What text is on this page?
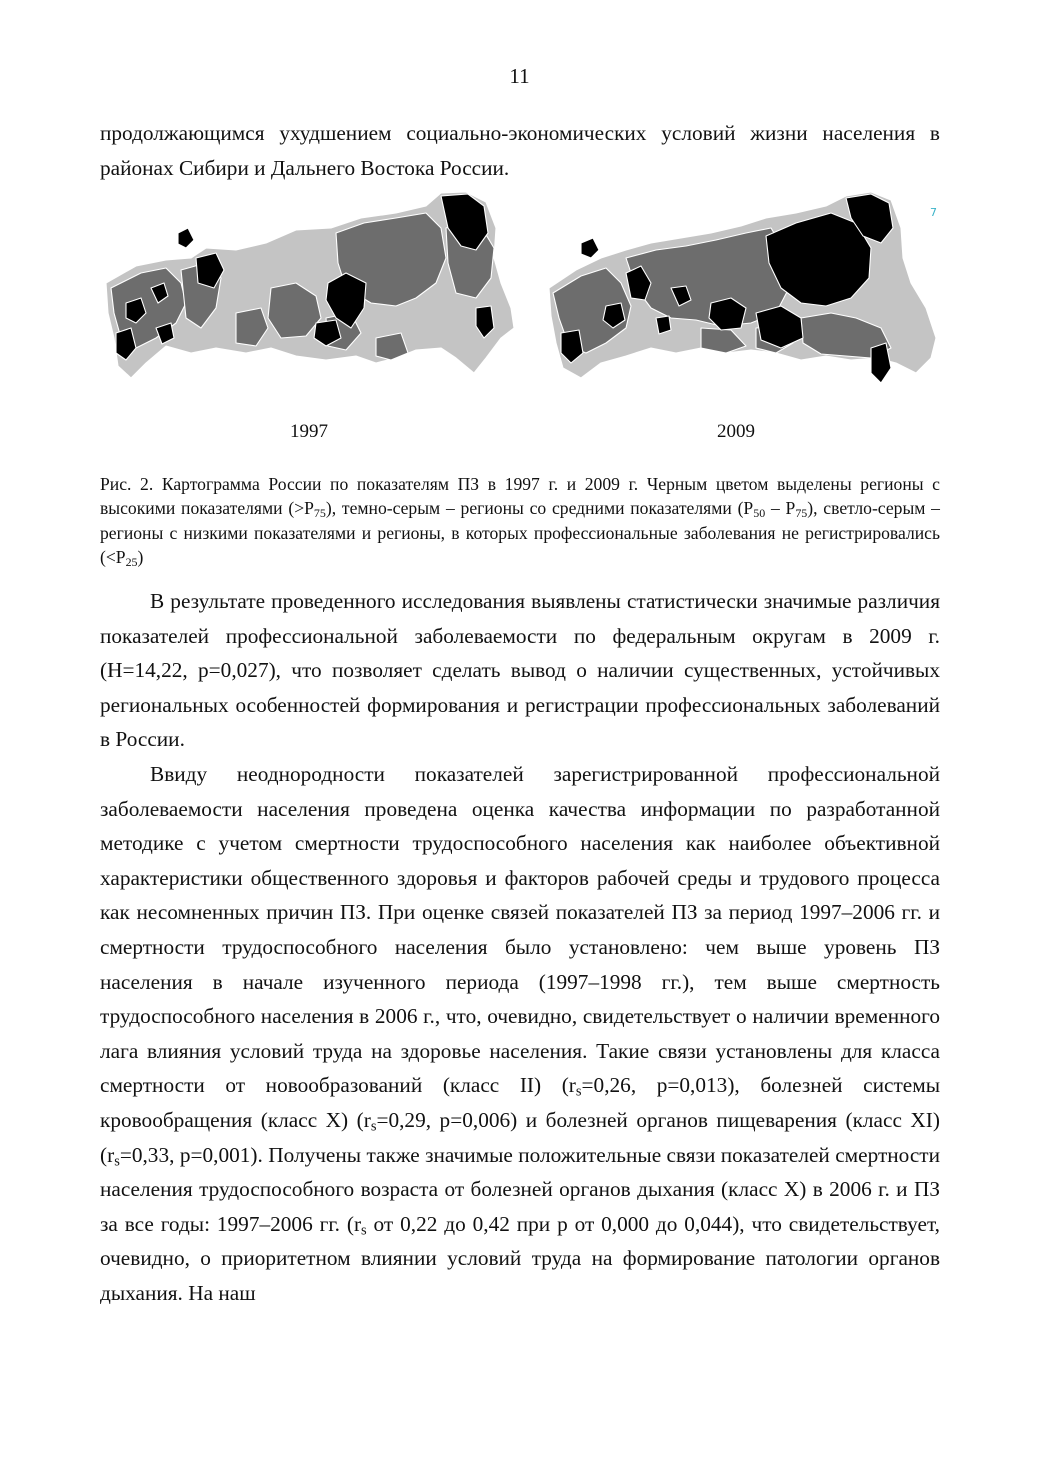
11

продолжающимся ухудшением социально-экономических условий жизни населения в районах Сибири и Дальнего Востока России.

7
1997	2009

Рис. 2. Картограмма России по показателям ПЗ в 1997 г. и 2009 г. Черным цветом выделены регионы с высокими показателями $(>P_{75})$, темно-серым – регионы со средними показателями $(P_{50} - P_{75})$, светло-серым – регионы с низкими показателями и регионы, в которых профессиональные заболевания не регистрировались $(<P_{25})$

В результате проведенного исследования выявлены статистически значимые различия показателей профессиональной заболеваемости по федеральным округам в 2009 г. (H=14,22, p=0,027), что позволяет сделать вывод о наличии существенных, устойчивых региональных особенностей формирования и регистрации профессиональных заболеваний в России.

Ввиду неоднородности показателей зарегистрированной профессиональной заболеваемости населения проведена оценка качества информации по разработанной методике с учетом смертности трудоспособного населения как наиболее объективной характеристики общественного здоровья и факторов рабочей среды и трудового процесса как несомненных причин ПЗ. При оценке связей показателей ПЗ за период 1997–2006 гг. и смертности трудоспособного населения было установлено: чем выше уровень ПЗ населения в начале изученного периода (1997–1998 гг.), тем выше смертность трудоспособного населения в 2006 г., что, очевидно, свидетельствует о наличии временного лага влияния условий труда на здоровье населения. Такие связи установлены для класса смертности от новообразований (класс II) ($r_s=0,26$, p=0,013), болезней системы кровообращения (класс X) ($r_s=0,29$, p=0,006) и болезней органов пищеварения (класс XI) ($r_s=0,33$, p=0,001). Получены также значимые положительные связи показателей смертности населения трудоспособного возраста от болезней органов дыхания (класс X) в 2006 г. и ПЗ за все годы: 1997–2006 гг. ($r_s$ от 0,22 до 0,42 при p от 0,000 до 0,044), что свидетельствует, очевидно, о приоритетном влиянии условий труда на формирование патологии органов дыхания. На наш
